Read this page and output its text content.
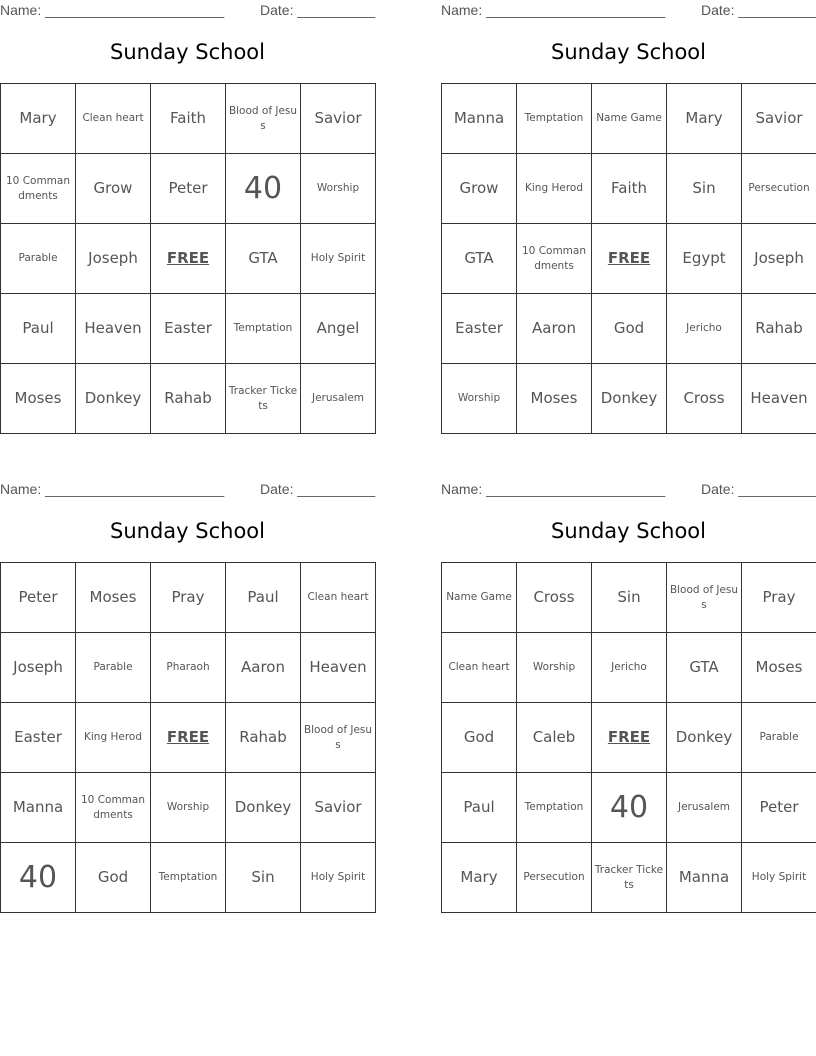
Name: _______________________	Date: __________
Sunday School
Mary	Clean heart	Faith	Blood of Jesus	Savior
10 Commandments	Grow	Peter	40	Worship
Parable	Joseph	FREE	GTA	Holy Spirit
Paul	Heaven	Easter	Temptation	Angel
Moses	Donkey	Rahab	Tracker Tickets	Jerusalem
Name: _______________________	Date: __________
Sunday School
Manna	Temptation	Name Game	Mary	Savior
Grow	King Herod	Faith	Sin	Persecution
GTA	10 Commandments	FREE	Egypt	Joseph
Easter	Aaron	God	Jericho	Rahab
Worship	Moses	Donkey	Cross	Heaven
Name: _______________________	Date: __________
Sunday School
Peter	Moses	Pray	Paul	Clean heart
Joseph	Parable	Pharaoh	Aaron	Heaven
Easter	King Herod	FREE	Rahab	Blood of Jesus
Manna	10 Commandments	Worship	Donkey	Savior
40	God	Temptation	Sin	Holy Spirit
Name: _______________________	Date: __________
Sunday School
Name Game	Cross	Sin	Blood of Jesus	Pray
Clean heart	Worship	Jericho	GTA	Moses
God	Caleb	FREE	Donkey	Parable
Paul	Temptation	40	Jerusalem	Peter
Mary	Persecution	Tracker Tickets	Manna	Holy Spirit
